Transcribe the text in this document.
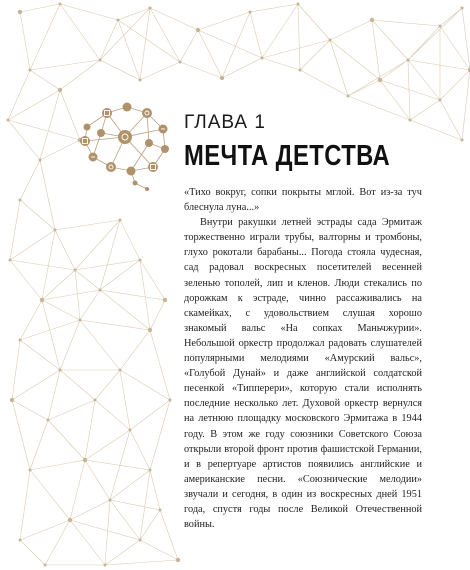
ГЛАВА 1
МЕЧТА ДЕТСТВА

«Тихо вокруг, сопки покрыты мглой. Вот из-за туч блеснула луна...»

Внутри ракушки летней эстрады сада Эрмитаж торжественно играли трубы, валторны и тромбоны, глухо рокотали барабаны... Погода стояла чудесная, сад радовал воскресных посетителей весенней зеленью тополей, лип и кленов. Люди стекались по дорожкам к эстраде, чинно рассаживались на скамейках, с удовольствием слушая хорошо знакомый вальс «На сопках Маньчжурии». Небольшой оркестр продолжал радовать слушателей популярными мелодиями «Амурский вальс», «Голубой Дунай» и даже английской солдатской песенкой «Типперери», которую стали исполнять последние несколько лет. Духовой оркестр вернулся на летнюю площадку московского Эрмитажа в 1944 году. В этом же году союзники Советского Союза открыли второй фронт против фашистской Германии, и в репертуаре артистов появились английские и американские песни. «Союзнические мелодии» звучали и сегодня, в один из воскресных дней 1951 года, спустя годы после Великой Отечественной войны.
